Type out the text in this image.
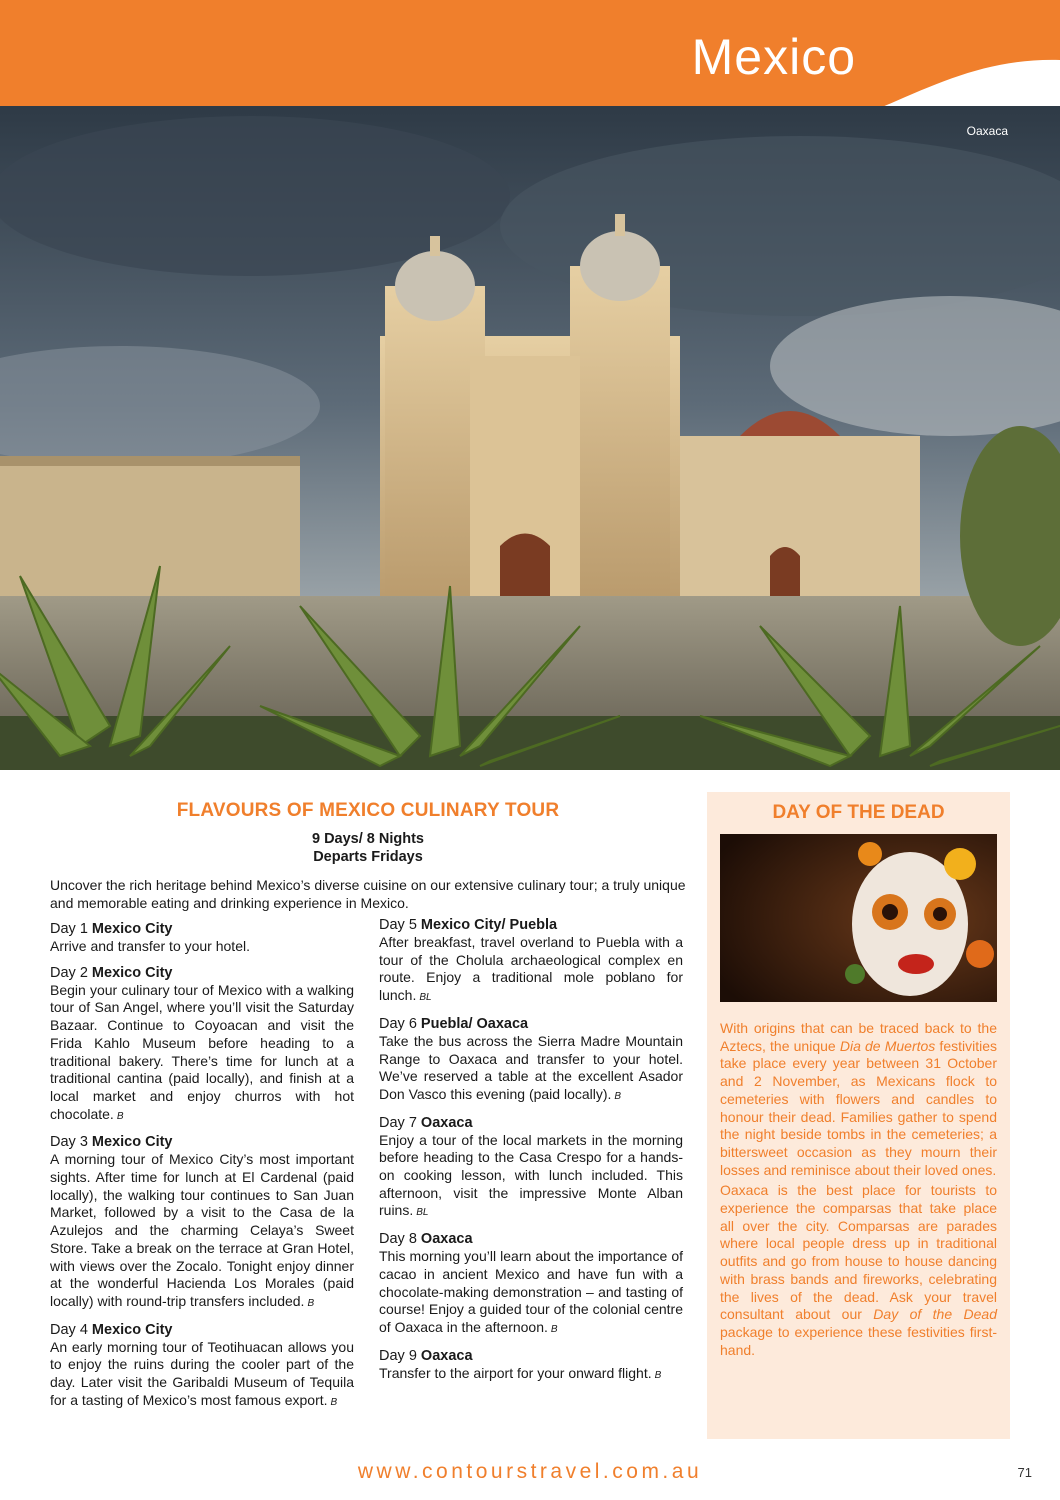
Mexico
Oaxaca
FLAVOURS OF MEXICO CULINARY TOUR
9 Days/ 8 Nights
Departs Fridays
Uncover the rich heritage behind Mexico’s diverse cuisine on our extensive culinary tour; a truly unique and memorable eating and drinking experience in Mexico.
Day 1 Mexico City
Arrive and transfer to your hotel.
Day 2 Mexico City
Begin your culinary tour of Mexico with a walking tour of San Angel, where you’ll visit the Saturday Bazaar. Continue to Coyoacan and visit the Frida Kahlo Museum before heading to a traditional bakery. There’s time for lunch at a traditional cantina (paid locally), and finish at a local market and enjoy churros with hot chocolate. B
Day 3 Mexico City
A morning tour of Mexico City’s most important sights. After time for lunch at El Cardenal (paid locally), the walking tour continues to San Juan Market, followed by a visit to the Casa de la Azulejos and the charming Celaya’s Sweet Store. Take a break on the terrace at Gran Hotel, with views over the Zocalo. Tonight enjoy dinner at the wonderful Hacienda Los Morales (paid locally) with round-trip transfers included. B
Day 4 Mexico City
An early morning tour of Teotihuacan allows you to enjoy the ruins during the cooler part of the day. Later visit the Garibaldi Museum of Tequila for a tasting of Mexico’s most famous export. B
Day 5 Mexico City/ Puebla
After breakfast, travel overland to Puebla with a tour of the Cholula archaeological complex en route. Enjoy a traditional mole poblano for lunch. BL
Day 6 Puebla/ Oaxaca
Take the bus across the Sierra Madre Mountain Range to Oaxaca and transfer to your hotel. We’ve reserved a table at the excellent Asador Don Vasco this evening (paid locally). B
Day 7 Oaxaca
Enjoy a tour of the local markets in the morning before heading to the Casa Crespo for a hands-on cooking lesson, with lunch included. This afternoon, visit the impressive Monte Alban ruins. BL
Day 8 Oaxaca
This morning you’ll learn about the importance of cacao in ancient Mexico and have fun with a chocolate-making demonstration – and tasting of course! Enjoy a guided tour of the colonial centre of Oaxaca in the afternoon. B
Day 9 Oaxaca
Transfer to the airport for your onward flight. B
DAY OF THE DEAD

With origins that can be traced back to the Aztecs, the unique Dia de Muertos festivities take place every year between 31 October and 2 November, as Mexicans flock to cemeteries with flowers and candles to honour their dead. Families gather to spend the night beside tombs in the cemeteries; a bittersweet occasion as they mourn their losses and reminisce about their loved ones.

Oaxaca is the best place for tourists to experience the comparsas that take place all over the city. Comparsas are parades where local people dress up in traditional outfits and go from house to house dancing with brass bands and fireworks, celebrating the lives of the dead. Ask your travel consultant about our Day of the Dead package to experience these festivities first-hand.

www.contourstravel.com.au	71
